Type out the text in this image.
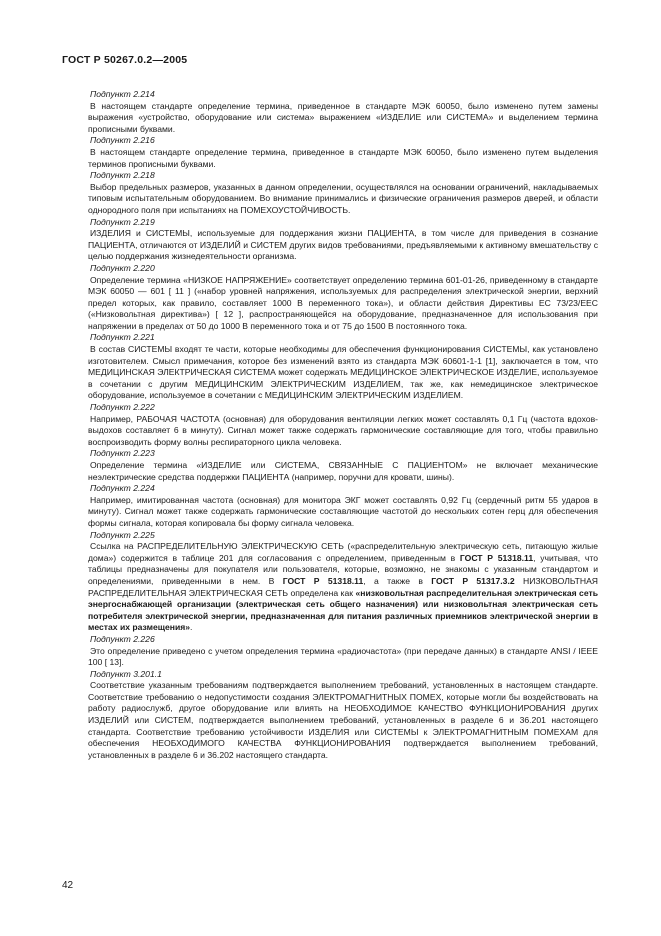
ГОСТ Р 50267.0.2—2005
Подпункт 2.214

В настоящем стандарте определение термина, приведенное в стандарте МЭК 60050, было изменено путем замены выражения «устройство, оборудование или система» выражением «ИЗДЕЛИЕ или СИСТЕМА» и выделением термина прописными буквами.

Подпункт 2.216

В настоящем стандарте определение термина, приведенное в стандарте МЭК 60050, было изменено путем выделения терминов прописными буквами.

Подпункт 2.218

Выбор предельных размеров, указанных в данном определении, осуществлялся на основании ограничений, накладываемых типовым испытательным оборудованием. Во внимание принимались и физические ограничения размеров дверей, и области однородного поля при испытаниях на ПОМЕХОУСТОЙЧИВОСТЬ.

Подпункт 2.219

ИЗДЕЛИЯ и СИСТЕМЫ, используемые для поддержания жизни ПАЦИЕНТА, в том числе для приведения в сознание ПАЦИЕНТА, отличаются от ИЗДЕЛИЙ и СИСТЕМ других видов требованиями, предъявляемыми к активному вмешательству с целью поддержания жизнедеятельности организма.

Подпункт 2.220

Определение термина «НИЗКОЕ НАПРЯЖЕНИЕ» соответствует определению термина 601-01-26, приведенному в стандарте МЭК 60050 — 601 [ 11 ] («набор уровней напряжения, используемых для распределения электрической энергии, верхний предел которых, как правило, составляет 1000 В переменного тока»), и области действия Директивы ЕС 73/23/ЕЕС («Низковольтная директива») [ 12 ], распространяющейся на оборудование, предназначенное для использования при напряжении в пределах от 50 до 1000 В переменного тока и от 75 до 1500 В постоянного тока.

Подпункт 2.221

В состав СИСТЕМЫ входят те части, которые необходимы для обеспечения функционирования СИСТЕМЫ, как установлено изготовителем. Смысл примечания, которое без изменений взято из стандарта МЭК 60601-1-1 [1], заключается в том, что МЕДИЦИНСКАЯ ЭЛЕКТРИЧЕСКАЯ СИСТЕМА может содержать МЕДИЦИНСКОЕ ЭЛЕКТРИЧЕСКОЕ ИЗДЕЛИЕ, используемое в сочетании с другим МЕДИЦИНСКИМ ЭЛЕКТРИЧЕСКИМ ИЗДЕЛИЕМ, так же, как немедицинское электрическое оборудование, используемое в сочетании с МЕДИЦИНСКИМ ЭЛЕКТРИЧЕСКИМ ИЗДЕЛИЕМ.

Подпункт 2.222

Например, РАБОЧАЯ ЧАСТОТА (основная) для оборудования вентиляции легких может составлять 0,1 Гц (частота вдохов-выдохов составляет 6 в минуту). Сигнал может также содержать гармонические составляющие для того, чтобы правильно воспроизводить форму волны респираторного цикла человека.

Подпункт 2.223

Определение термина «ИЗДЕЛИЕ или СИСТЕМА, СВЯЗАННЫЕ С ПАЦИЕНТОМ» не включает механические неэлектрические средства поддержки ПАЦИЕНТА (например, поручни для кровати, шины).

Подпункт 2.224

Например, имитированная частота (основная) для монитора ЭКГ может составлять 0,92 Гц (сердечный ритм 55 ударов в минуту). Сигнал может также содержать гармонические составляющие частотой до нескольких сотен герц для обеспечения формы сигнала, которая копировала бы форму сигнала человека.

Подпункт 2.225

Ссылка на РАСПРЕДЕЛИТЕЛЬНУЮ ЭЛЕКТРИЧЕСКУЮ СЕТЬ («распределительную электрическую сеть, питающую жилые дома») содержится в таблице 201 для согласования с определением, приведенным в ГОСТ Р 51318.11, учитывая, что таблицы предназначены для покупателя или пользователя, которые, возможно, не знакомы с указанным стандартом и определениями, приведенными в нем. В ГОСТ Р 51318.11, а также в ГОСТ Р 51317.3.2 НИЗКОВОЛЬТНАЯ РАСПРЕДЕЛИТЕЛЬНАЯ ЭЛЕКТРИЧЕСКАЯ СЕТЬ определена как «низковольтная распределительная электрическая сеть энергоснабжающей организации (электрическая сеть общего назначения) или низковольтная электрическая сеть потребителя электрической энергии, предназначенная для питания различных приемников электрической энергии в местах их размещения».

Подпункт 2.226

Это определение приведено с учетом определения термина «радиочастота» (при передаче данных) в стандарте ANSI / IEEE 100 [ 13].

Подпункт 3.201.1

Соответствие указанным требованиям подтверждается выполнением требований, установленных в настоящем стандарте. Соответствие требованию о недопустимости создания ЭЛЕКТРОМАГНИТНЫХ ПОМЕХ, которые могли бы воздействовать на работу радиослужб, другое оборудование или влиять на НЕОБХОДИМОЕ КАЧЕСТВО ФУНКЦИОНИРОВАНИЯ других ИЗДЕЛИЙ или СИСТЕМ, подтверждается выполнением требований, установленных в разделе 6 и 36.201 настоящего стандарта. Соответствие требованию устойчивости ИЗДЕЛИЯ или СИСТЕМЫ к ЭЛЕКТРОМАГНИТНЫМ ПОМЕХАМ для обеспечения НЕОБХОДИМОГО КАЧЕСТВА ФУНКЦИОНИРОВАНИЯ подтверждается выполнением требований, установленных в разделе 6 и 36.202 настоящего стандарта.

42
